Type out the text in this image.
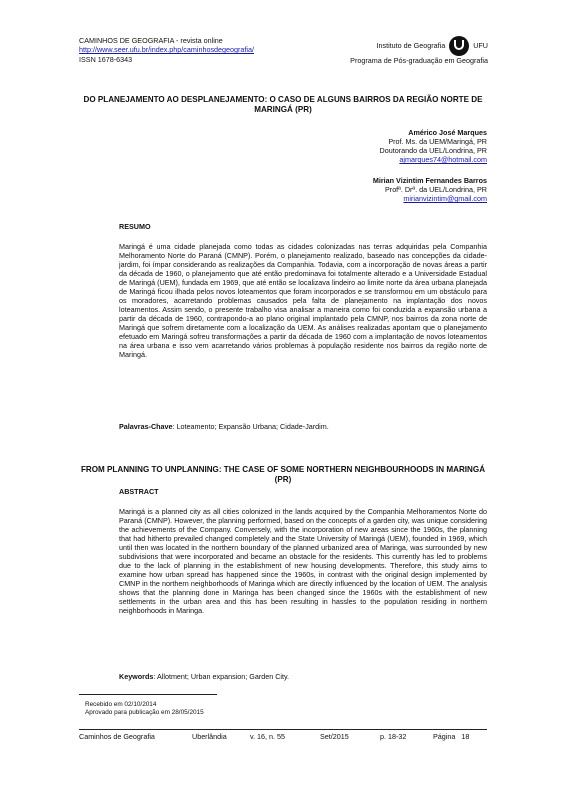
CAMINHOS DE GEOGRAFIA - revista online
http://www.seer.ufu.br/index.php/caminhosdegeografia/
ISSN 1678-6343
Instituto de Geografia	UFU
Programa de Pós-graduação em Geografia
DO PLANEJAMENTO AO DESPLANEJAMENTO: O CASO DE ALGUNS BAIRROS DA REGIÃO NORTE DE MARINGÁ (PR)
Américo José Marques
Prof. Ms. da UEM/Maringá, PR
Doutorando da UEL/Londrina, PR
ajmarques74@hotmail.com
Mirian Vizintim Fernandes Barros
Profª. Drª. da UEL/Londrina, PR
mirianvizintim@gmail.com
RESUMO
Maringá é uma cidade planejada como todas as cidades colonizadas nas terras adquiridas pela Companhia Melhoramento Norte do Paraná (CMNP). Porém, o planejamento realizado, baseado nas concepções da cidade-jardim, foi ímpar considerando as realizações da Companhia. Todavia, com a incorporação de novas áreas a partir da década de 1960, o planejamento que até então predominava foi totalmente alterado e a Universidade Estadual de Maringá (UEM), fundada em 1969, que até então se localizava lindeiro ao limite norte da área urbana planejada de Maringá ficou ilhada pelos novos loteamentos que foram incorporados e se transformou em um obstáculo para os moradores, acarretando problemas causados pela falta de planejamento na implantação dos novos loteamentos. Assim sendo, o presente trabalho visa analisar a maneira como foi conduzida a expansão urbana a partir da década de 1960, contrapondo-a ao plano original implantado pela CMNP, nos bairros da zona norte de Maringá que sofrem diretamente com a localização da UEM. As análises realizadas apontam que o planejamento efetuado em Maringá sofreu transformações a partir da década de 1960 com a implantação de novos loteamentos na área urbana e isso vem acarretando vários problemas à população residente nos bairros da região norte de Maringá.
Palavras-Chave: Loteamento; Expansão Urbana; Cidade-Jardim.
FROM PLANNING TO UNPLANNING: THE CASE OF SOME NORTHERN NEIGHBOURHOODS IN MARINGÁ (PR)
ABSTRACT
Maringá is a planned city as all cities colonized in the lands acquired by the Companhia Melhoramentos Norte do Paraná (CMNP). However, the planning performed, based on the concepts of a garden city, was unique considering the achievements of the Company. Conversely, with the incorporation of new areas since the 1960s, the planning that had hitherto prevailed changed completely and the State University of Maringá (UEM), founded in 1969, which until then was located in the northern boundary of the planned urbanized area of Maringa, was surrounded by new subdivisions that were incorporated and became an obstacle for the residents. This currently has led to problems due to the lack of planning in the establishment of new housing developments. Therefore, this study aims to examine how urban spread has happened since the 1960s, in contrast with the original design implemented by CMNP in the northern neighborhoods of Maringa which are directly influenced by the location of UEM. The analysis shows that the planning done in Maringa has been changed since the 1960s with the establishment of new settlements in the urban area and this has been resulting in hassles to the population residing in northern neighborhoods in Maringa.
Keywords: Allotment; Urban expansion; Garden City.
Recebido em 02/10/2014
Aprovado para publicação em 28/05/2015
Caminhos de Geografia	Uberlândia	v. 16, n. 55	Set/2015	p. 18-32	Página   18
